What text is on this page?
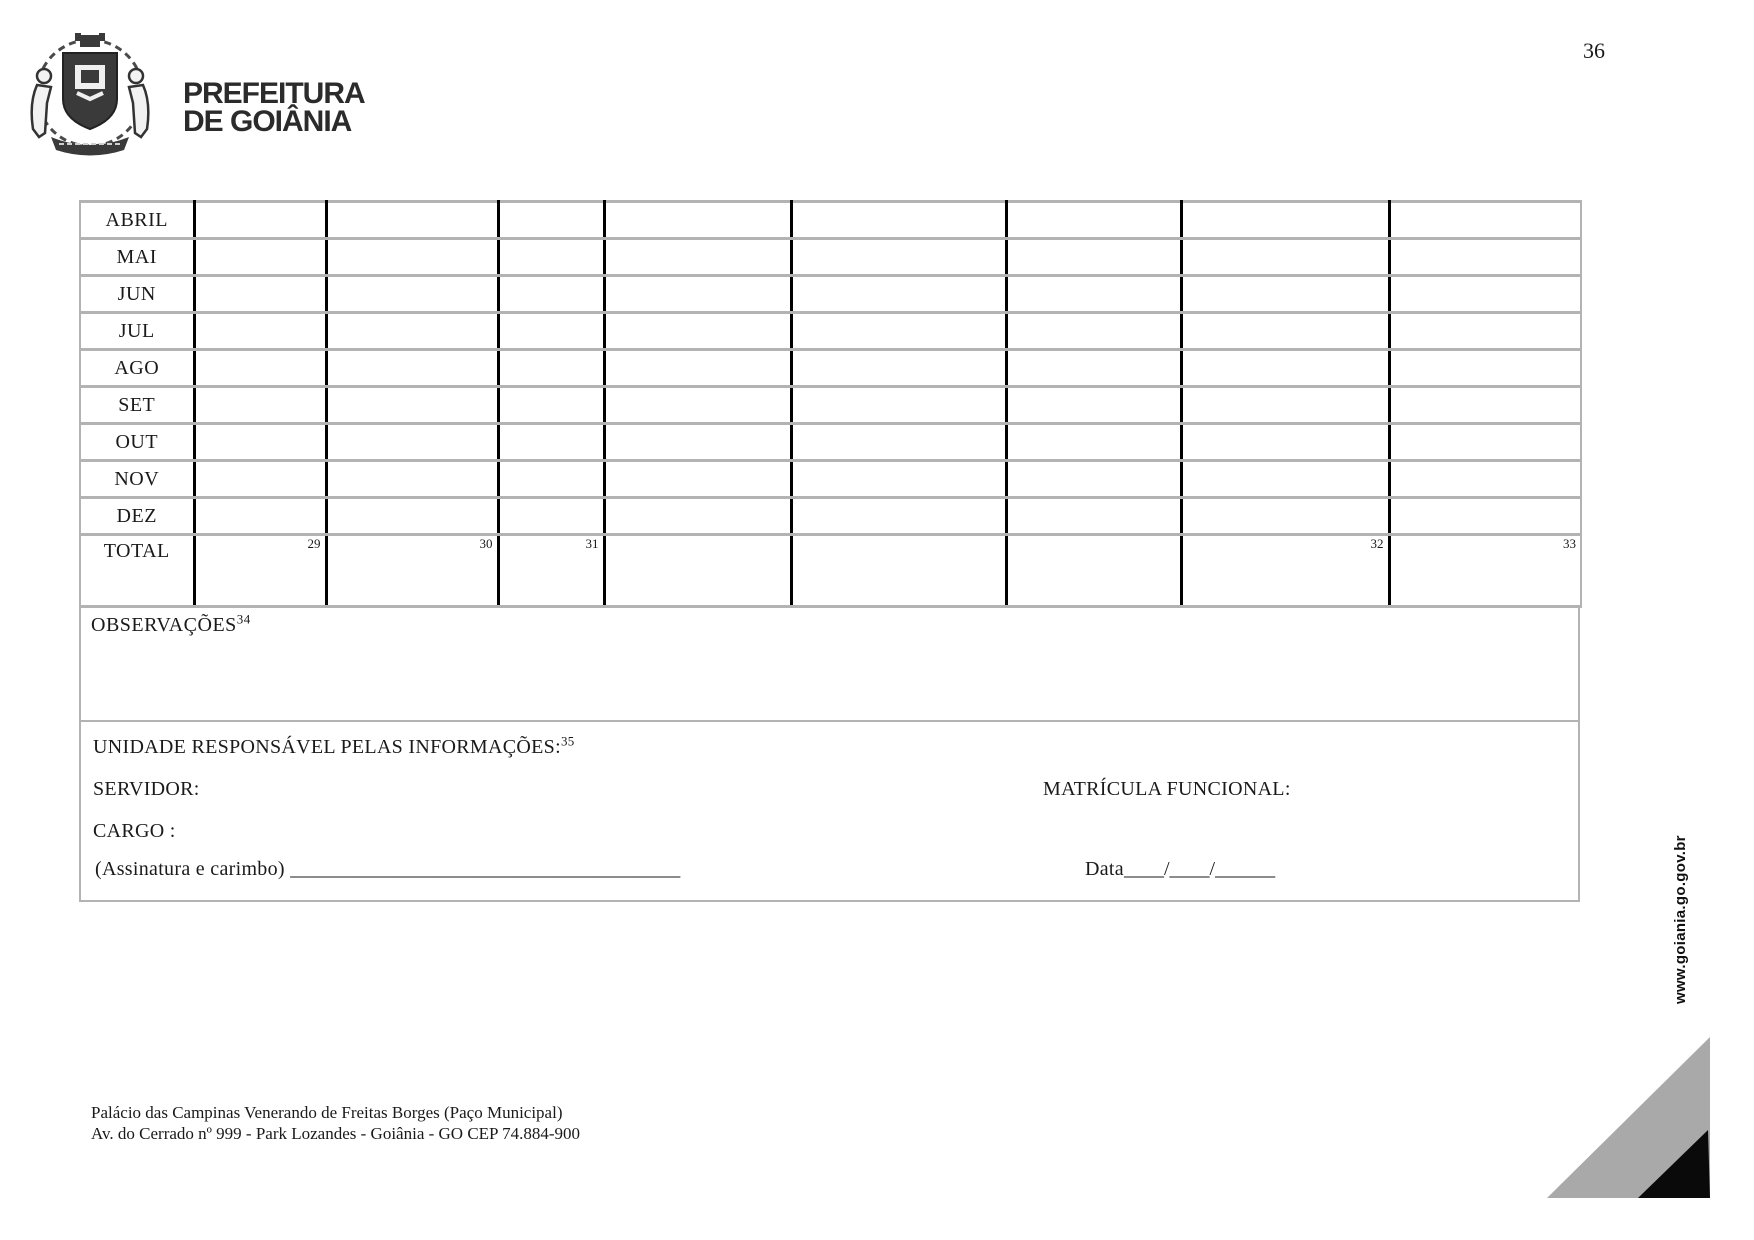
36
PREFEITURA
DE GOIÂNIA
ABRIL								
MAI								
JUN								
JUL								
AGO								
SET								
OUT								
NOV								
DEZ								
TOTAL	$^{29}$	$^{30}$	$^{31}$				$^{32}$	$^{33}$
OBSERVAÇÕES$^{34}$
UNIDADE RESPONSÁVEL PELAS INFORMAÇÕES:$^{35}$
SERVIDOR:	MATRÍCULA FUNCIONAL:
CARGO :
(Assinatura e carimbo) _______________________________________	Data____/____/______
Palácio das Campinas Venerando de Freitas Borges (Paço Municipal)
Av. do Cerrado nº 999 - Park Lozandes - Goiânia - GO CEP 74.884-900
www.goiania.go.gov.br
